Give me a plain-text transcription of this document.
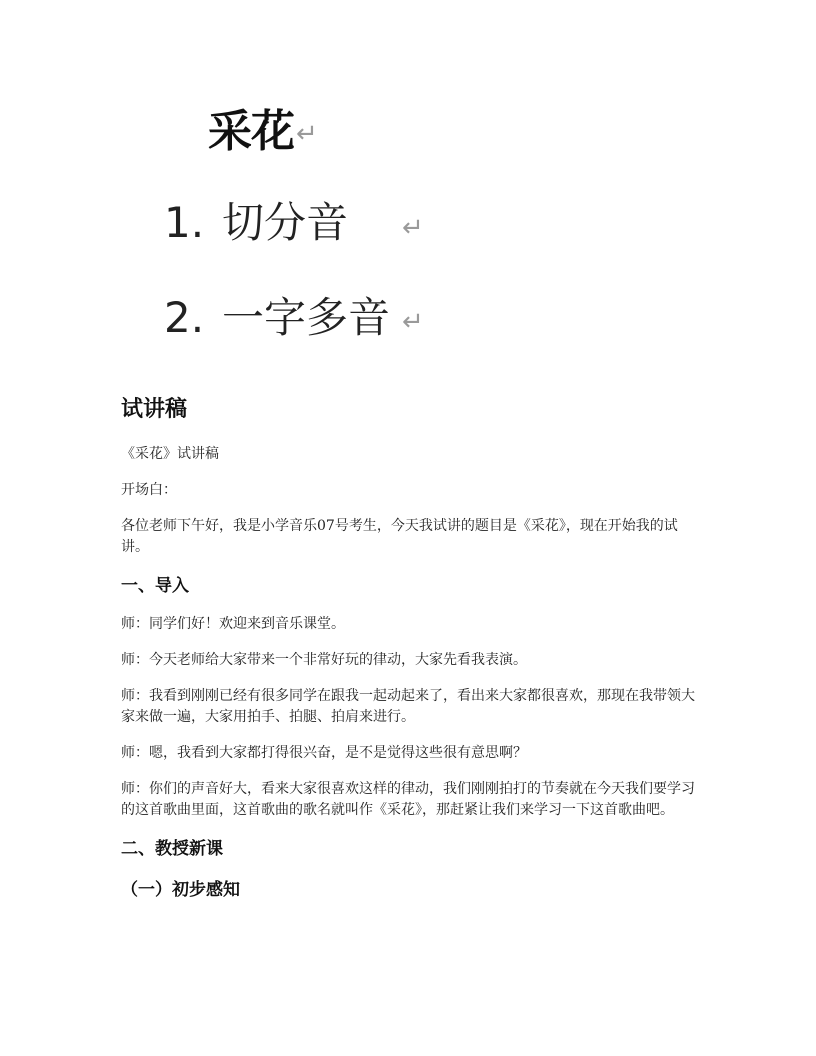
采花 ↵
1. 切分音 ↵
2. 一字多音 ↵
试讲稿

《采花》试讲稿

开场白：

各位老师下午好，我是小学音乐07号考生，今天我试讲的题目是《采花》，现在开始我的试讲。

一、导入

师：同学们好！欢迎来到音乐课堂。

师：今天老师给大家带来一个非常好玩的律动，大家先看我表演。

师：我看到刚刚已经有很多同学在跟我一起动起来了，看出来大家都很喜欢，那现在我带领大家来做一遍，大家用拍手、拍腿、拍肩来进行。

师：嗯，我看到大家都打得很兴奋，是不是觉得这些很有意思啊？

师：你们的声音好大，看来大家很喜欢这样的律动，我们刚刚拍打的节奏就在今天我们要学习的这首歌曲里面，这首歌曲的歌名就叫作《采花》，那赶紧让我们来学习一下这首歌曲吧。

二、教授新课
（一）初步感知
